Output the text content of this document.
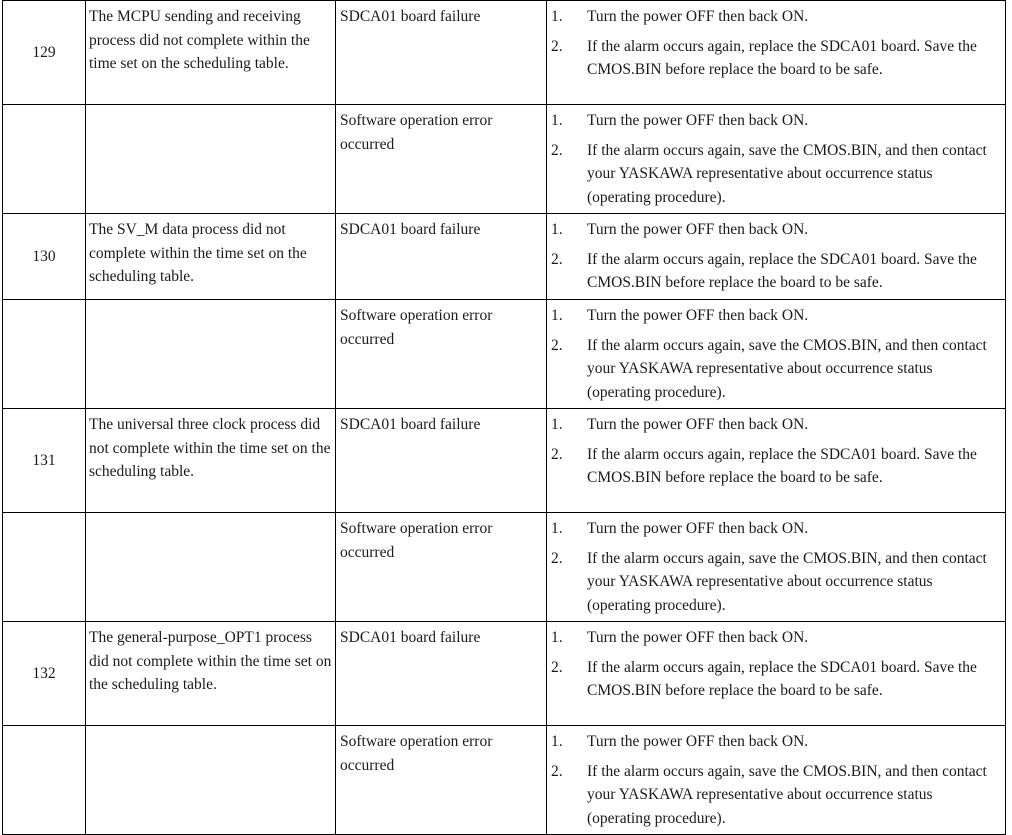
129	The MCPU sending and receiving process did not complete within the time set on the scheduling table.	SDCA01 board failure	1. Turn the power OFF then back ON.
2. If the alarm occurs again, replace the SDCA01 board. Save the CMOS.BIN before replace the board to be safe.

		Software operation error occurred	1. Turn the power OFF then back ON.
2. If the alarm occurs again, save the CMOS.BIN, and then contact your YASKAWA representative about occurrence status (operating procedure).

130	The SV_M data process did not complete within the time set on the scheduling table.	SDCA01 board failure	1. Turn the power OFF then back ON.
2. If the alarm occurs again, replace the SDCA01 board. Save the CMOS.BIN before replace the board to be safe.

		Software operation error occurred	1. Turn the power OFF then back ON.
2. If the alarm occurs again, save the CMOS.BIN, and then contact your YASKAWA representative about occurrence status (operating procedure).

131	The universal three clock process did not complete within the time set on the scheduling table.	SDCA01 board failure	1. Turn the power OFF then back ON.
2. If the alarm occurs again, replace the SDCA01 board. Save the CMOS.BIN before replace the board to be safe.

		Software operation error occurred	1. Turn the power OFF then back ON.
2. If the alarm occurs again, save the CMOS.BIN, and then contact your YASKAWA representative about occurrence status (operating procedure).

132	The general-purpose_OPT1 process did not complete within the time set on the scheduling table.	SDCA01 board failure	1. Turn the power OFF then back ON.
2. If the alarm occurs again, replace the SDCA01 board. Save the CMOS.BIN before replace the board to be safe.

		Software operation error occurred	1. Turn the power OFF then back ON.
2. If the alarm occurs again, save the CMOS.BIN, and then contact your YASKAWA representative about occurrence status (operating procedure).
